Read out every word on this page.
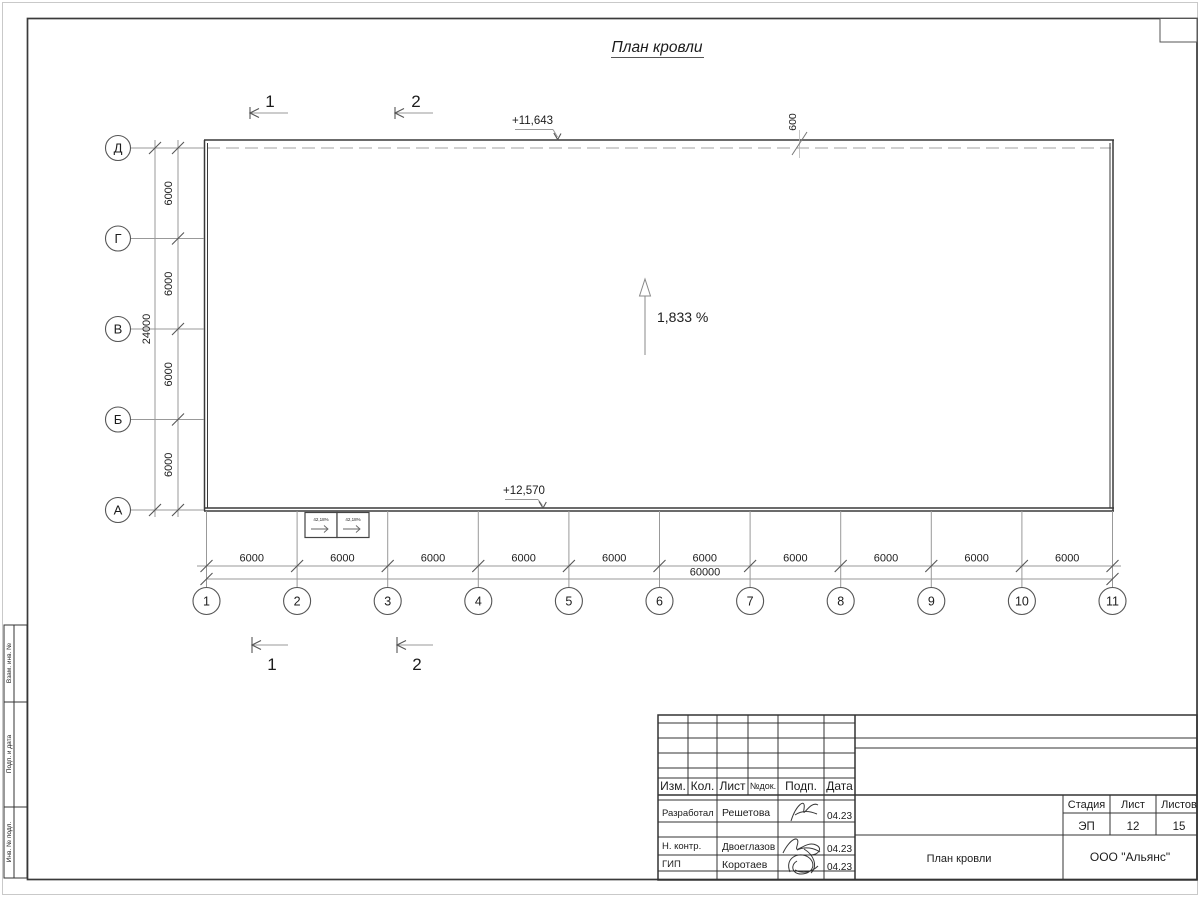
Взам. инв. №
Подп. и дата
Инв. № подл.
План кровли
+11,643	600
1,833 %
+12,570
42,18%	42,18%
1	2
1	2
Д
Г
В
Б
А
6000
6000
6000
6000
24000
1	2	3	4	5	6	7	8	9	10	11
6000	6000	6000	6000	6000	6000	6000	6000	6000	6000
60000
Изм. Кол. Лист №док. Подп. Дата
Разработал Решетова	04.23
Н. контр. Двоеглазов	04.23
ГИП	Коротаев	04.23
Стадия Лист Листов
ЭП	12	15
План кровли	ООО "Альянс"
